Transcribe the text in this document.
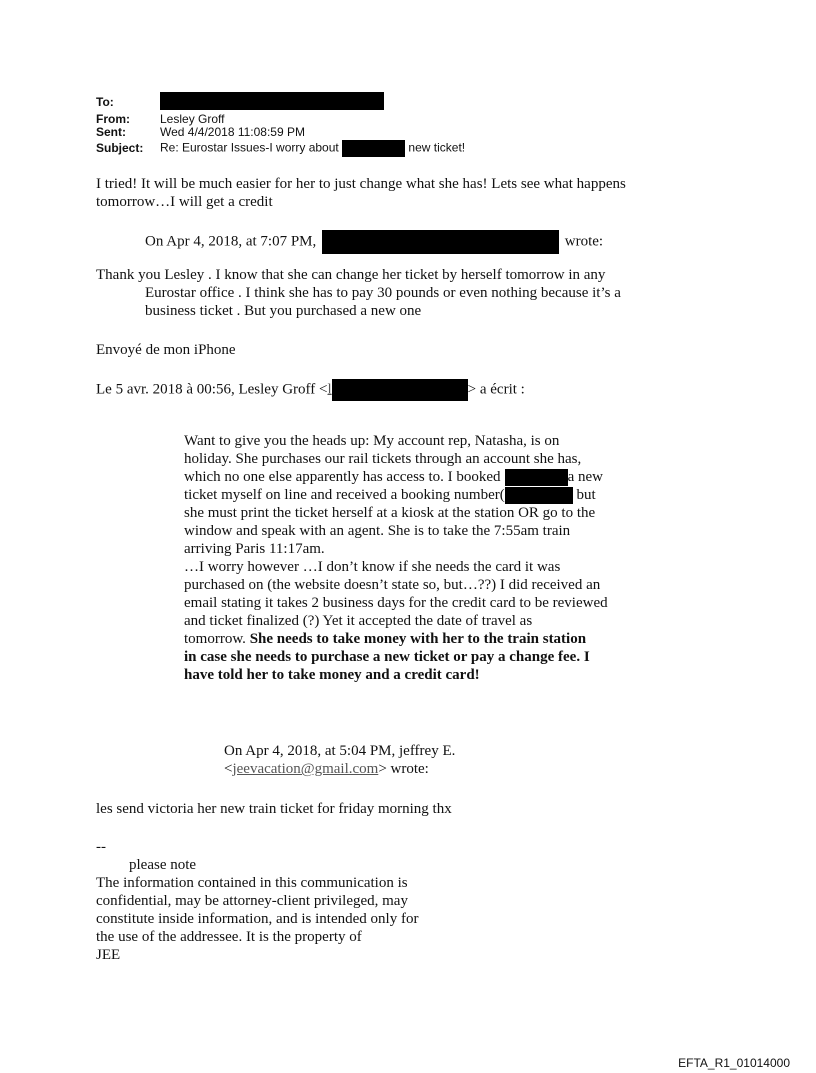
To:
From:	Lesley Groff
Sent:	Wed 4/4/2018 11:08:59 PM
Subject: Re: Eurostar Issues-I worry about	new ticket!
I tried! It will be much easier for her to just change what she has! Lets see what happens
tomorrow…I will get a credit
On Apr 4, 2018, at 7:07 PM,	wrote:
Thank you Lesley . I know that she can change her ticket by herself tomorrow in any
Eurostar office . I think she has to pay 30 pounds or even nothing because it’s a
business ticket . But you purchased a new one
Envoyé de mon iPhone
Le 5 avr. 2018 à 00:56, Lesley Groff <l	> a écrit :
Want to give you the heads up: My account rep, Natasha, is on
holiday. She purchases our rail tickets through an account she has,
which no one else apparently has access to. I booked	a new
ticket myself on line and received a booking number(	but
she must print the ticket herself at a kiosk at the station OR go to the
window and speak with an agent. She is to take the 7:55am train
arriving Paris 11:17am.
…I worry however …I don’t know if she needs the card it was
purchased on (the website doesn’t state so, but…??) I did received an
email stating it takes 2 business days for the credit card to be reviewed
and ticket finalized (?) Yet it accepted the date of travel as
tomorrow. She needs to take money with her to the train station
in case she needs to purchase a new ticket or pay a change fee. I
have told her to take money and a credit card!
On Apr 4, 2018, at 5:04 PM, jeffrey E.
<jeevacation@gmail.com> wrote:
les send victoria her new train ticket for friday morning thx
--
please note
The information contained in this communication is
confidential, may be attorney-client privileged, may
constitute inside information, and is intended only for
the use of the addressee. It is the property of
JEE
EFTA_R1_01014000
